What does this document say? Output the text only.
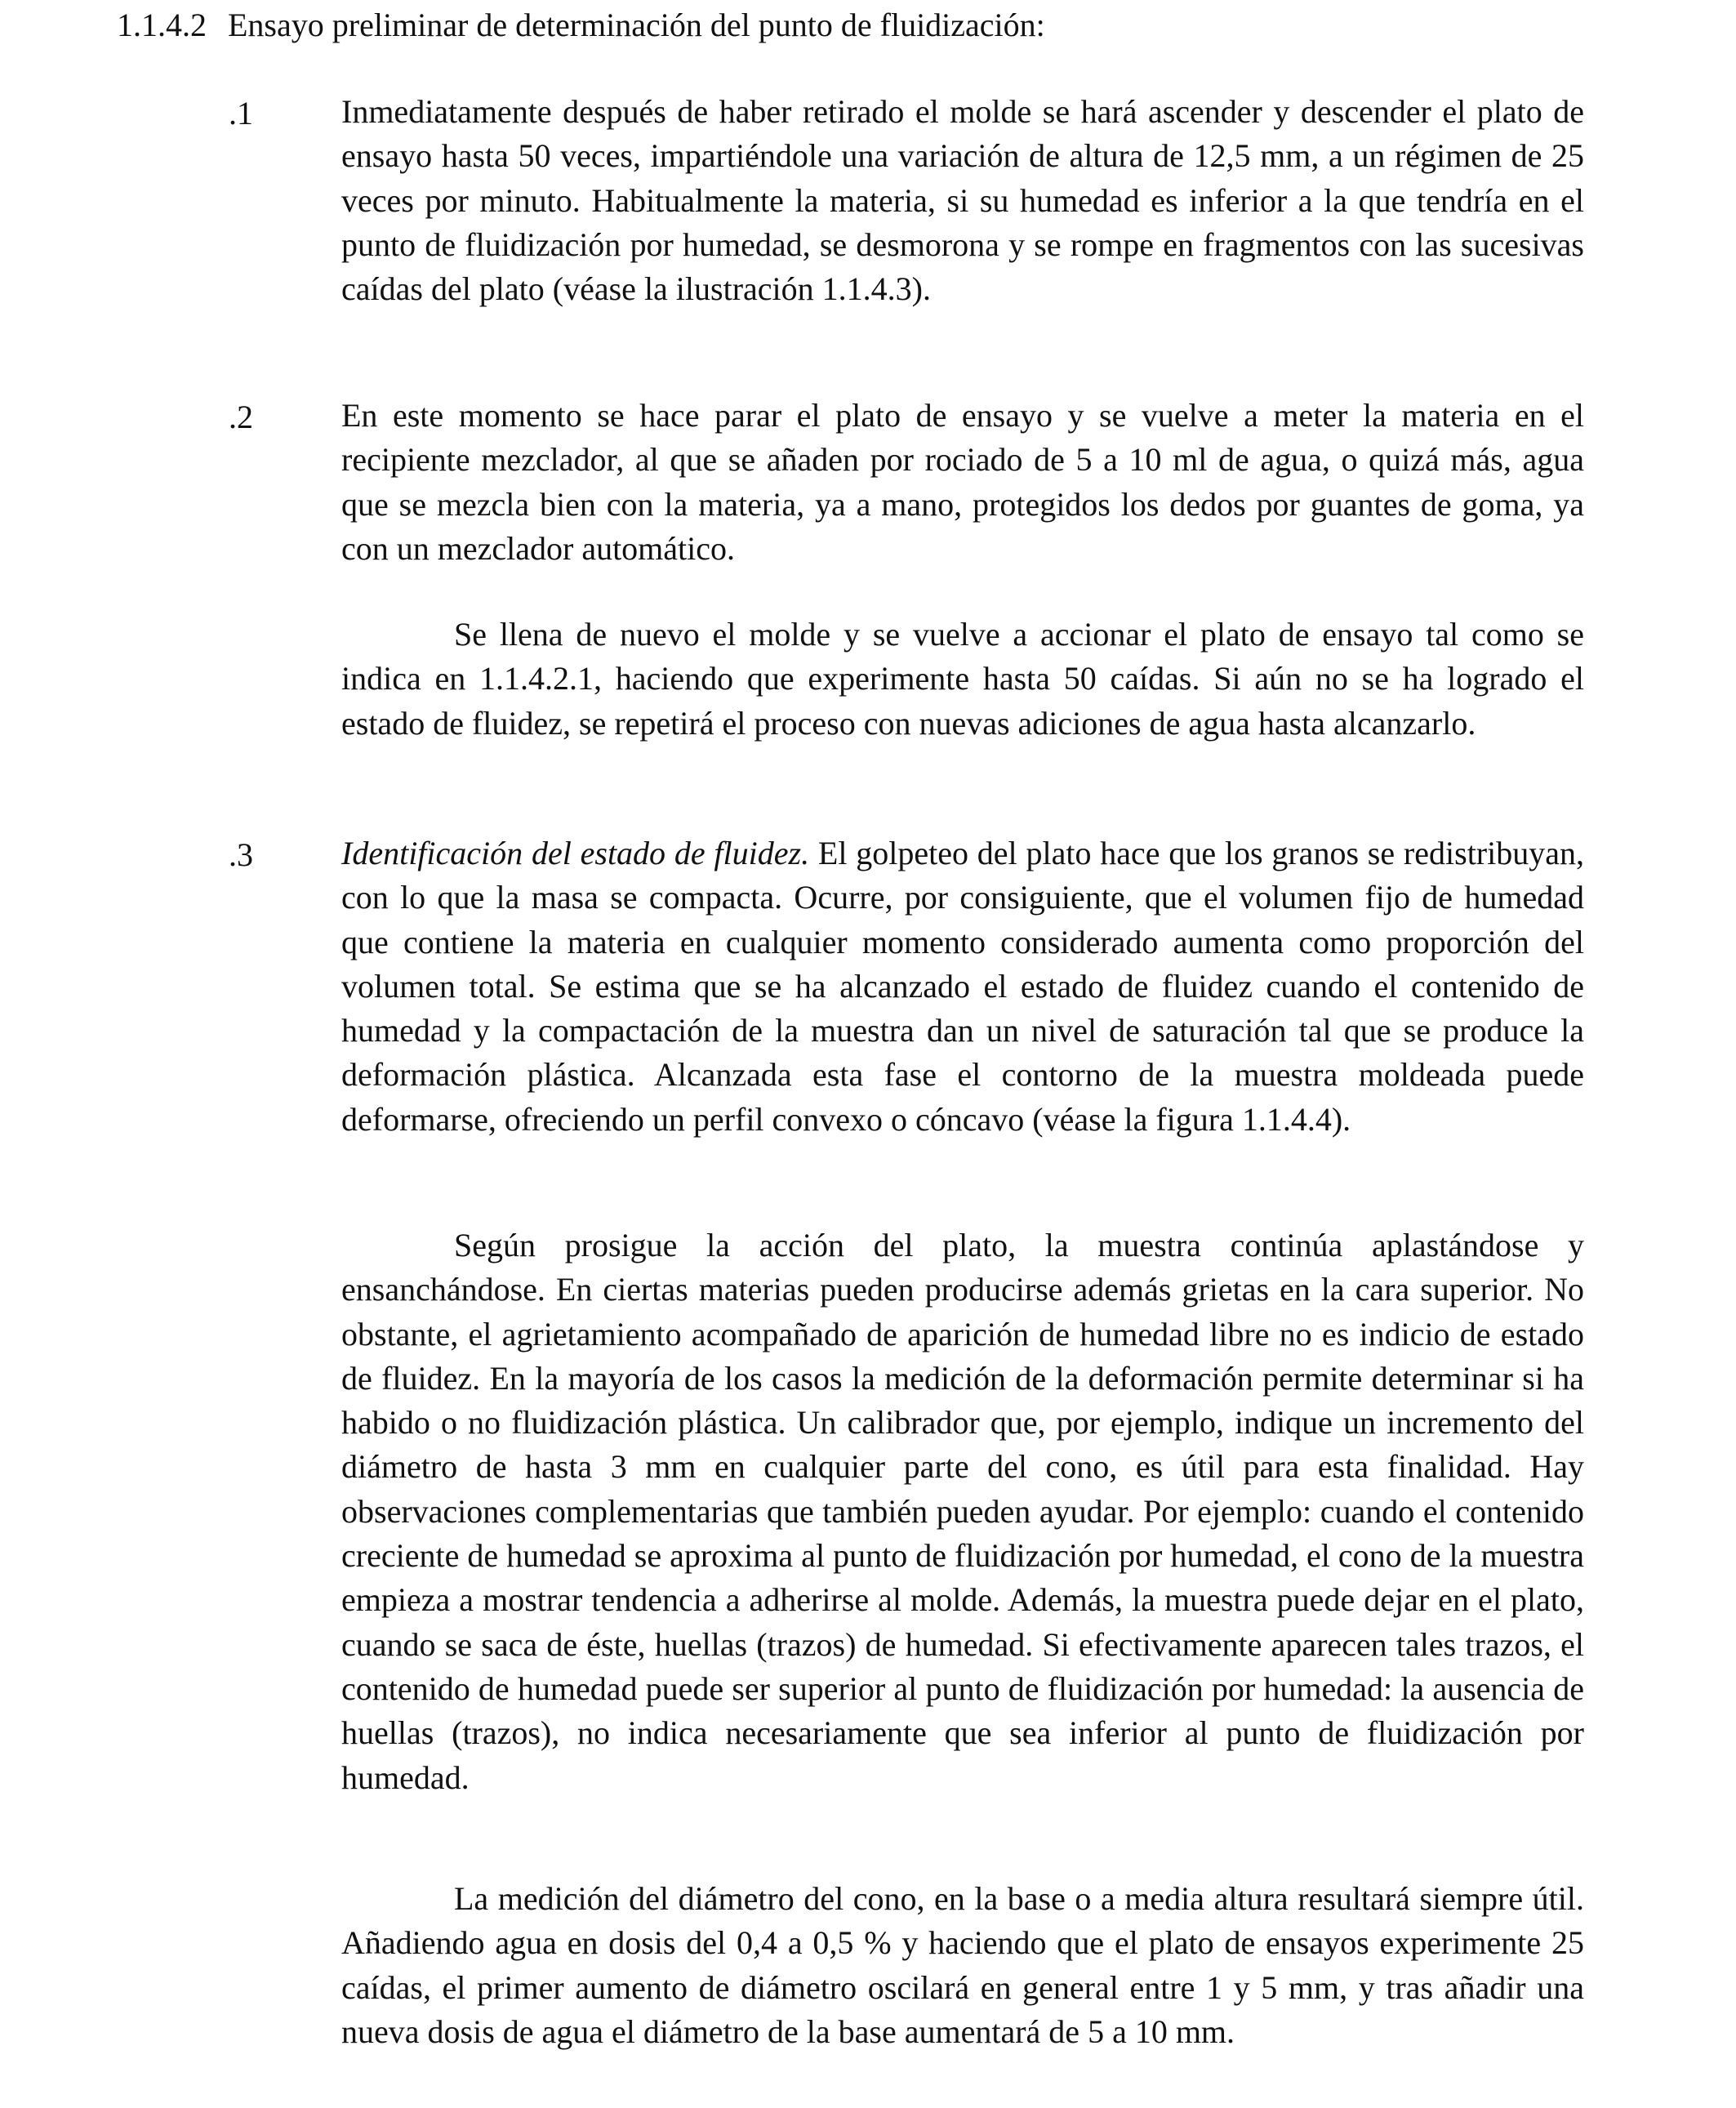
1.1.4.2 Ensayo preliminar de determinación del punto de fluidización:
.1	Inmediatamente después de haber retirado el molde se hará ascender y descender el plato de ensayo hasta 50 veces, impartiéndole una variación de altura de 12,5 mm, a un régimen de 25 veces por minuto. Habitualmente la materia, si su humedad es inferior a la que tendría en el punto de fluidización por humedad, se desmorona y se rompe en fragmentos con las sucesivas caídas del plato (véase la ilustración 1.1.4.3).

.2	En este momento se hace parar el plato de ensayo y se vuelve a meter la materia en el recipiente mezclador, al que se añaden por rociado de 5 a 10 ml de agua, o quizá más, agua que se mezcla bien con la materia, ya a mano, protegidos los dedos por guantes de goma, ya con un mezclador automático.

Se llena de nuevo el molde y se vuelve a accionar el plato de ensayo tal como se indica en 1.1.4.2.1, haciendo que experimente hasta 50 caídas. Si aún no se ha logrado el estado de fluidez, se repetirá el proceso con nuevas adiciones de agua hasta alcanzarlo.

.3	Identificación del estado de fluidez. El golpeteo del plato hace que los granos se redistribuyan, con lo que la masa se compacta. Ocurre, por consiguiente, que el volumen fijo de humedad que contiene la materia en cualquier momento considerado aumenta como proporción del volumen total. Se estima que se ha alcanzado el estado de fluidez cuando el contenido de humedad y la compactación de la muestra dan un nivel de saturación tal que se produce la deformación plástica. Alcanzada esta fase el contorno de la muestra moldeada puede deformarse, ofreciendo un perfil convexo o cóncavo (véase la figura 1.1.4.4).

Según prosigue la acción del plato, la muestra continúa aplastándose y ensanchándose. En ciertas materias pueden producirse además grietas en la cara superior. No obstante, el agrietamiento acompañado de aparición de humedad libre no es indicio de estado de fluidez. En la mayoría de los casos la medición de la deformación permite determinar si ha habido o no fluidización plástica. Un calibrador que, por ejemplo, indique un incremento del diámetro de hasta 3 mm en cualquier parte del cono, es útil para esta finalidad. Hay observaciones complementarias que también pueden ayudar. Por ejemplo: cuando el contenido creciente de humedad se aproxima al punto de fluidización por humedad, el cono de la muestra empieza a mostrar tendencia a adherirse al molde. Además, la muestra puede dejar en el plato, cuando se saca de éste, huellas (trazos) de humedad. Si efectivamente aparecen tales trazos, el contenido de humedad puede ser superior al punto de fluidización por humedad: la ausencia de huellas (trazos), no indica necesariamente que sea inferior al punto de fluidización por humedad.

La medición del diámetro del cono, en la base o a media altura resultará siempre útil. Añadiendo agua en dosis del 0,4 a 0,5 % y haciendo que el plato de ensayos experimente 25 caídas, el primer aumento de diámetro oscilará en general entre 1 y 5 mm, y tras añadir una nueva dosis de agua el diámetro de la base aumentará de 5 a 10 mm.
